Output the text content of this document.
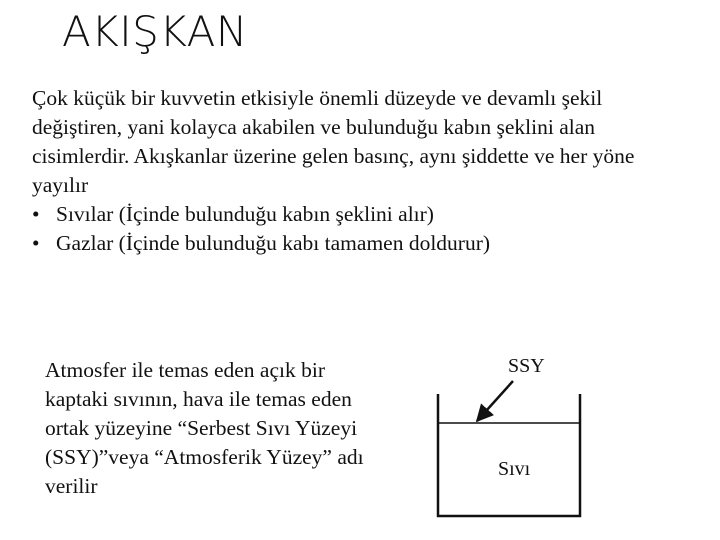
AKIŞKAN

Çok küçük bir kuvvetin etkisiyle önemli düzeyde ve devamlı şekil değiştiren, yani kolayca akabilen ve bulunduğu kabın şeklini alan cisimlerdir. Akışkanlar üzerine gelen basınç, aynı şiddette ve her yöne yayılır

• Sıvılar (İçinde bulunduğu kabın şeklini alır)
• Gazlar (İçinde bulunduğu kabı tamamen doldurur)

Atmosfer ile temas eden açık bir kaptaki sıvının, hava ile temas eden ortak yüzeyine “Serbest Sıvı Yüzeyi (SSY)”veya “Atmosferik Yüzey” adı verilir

SSY
Sıvı
